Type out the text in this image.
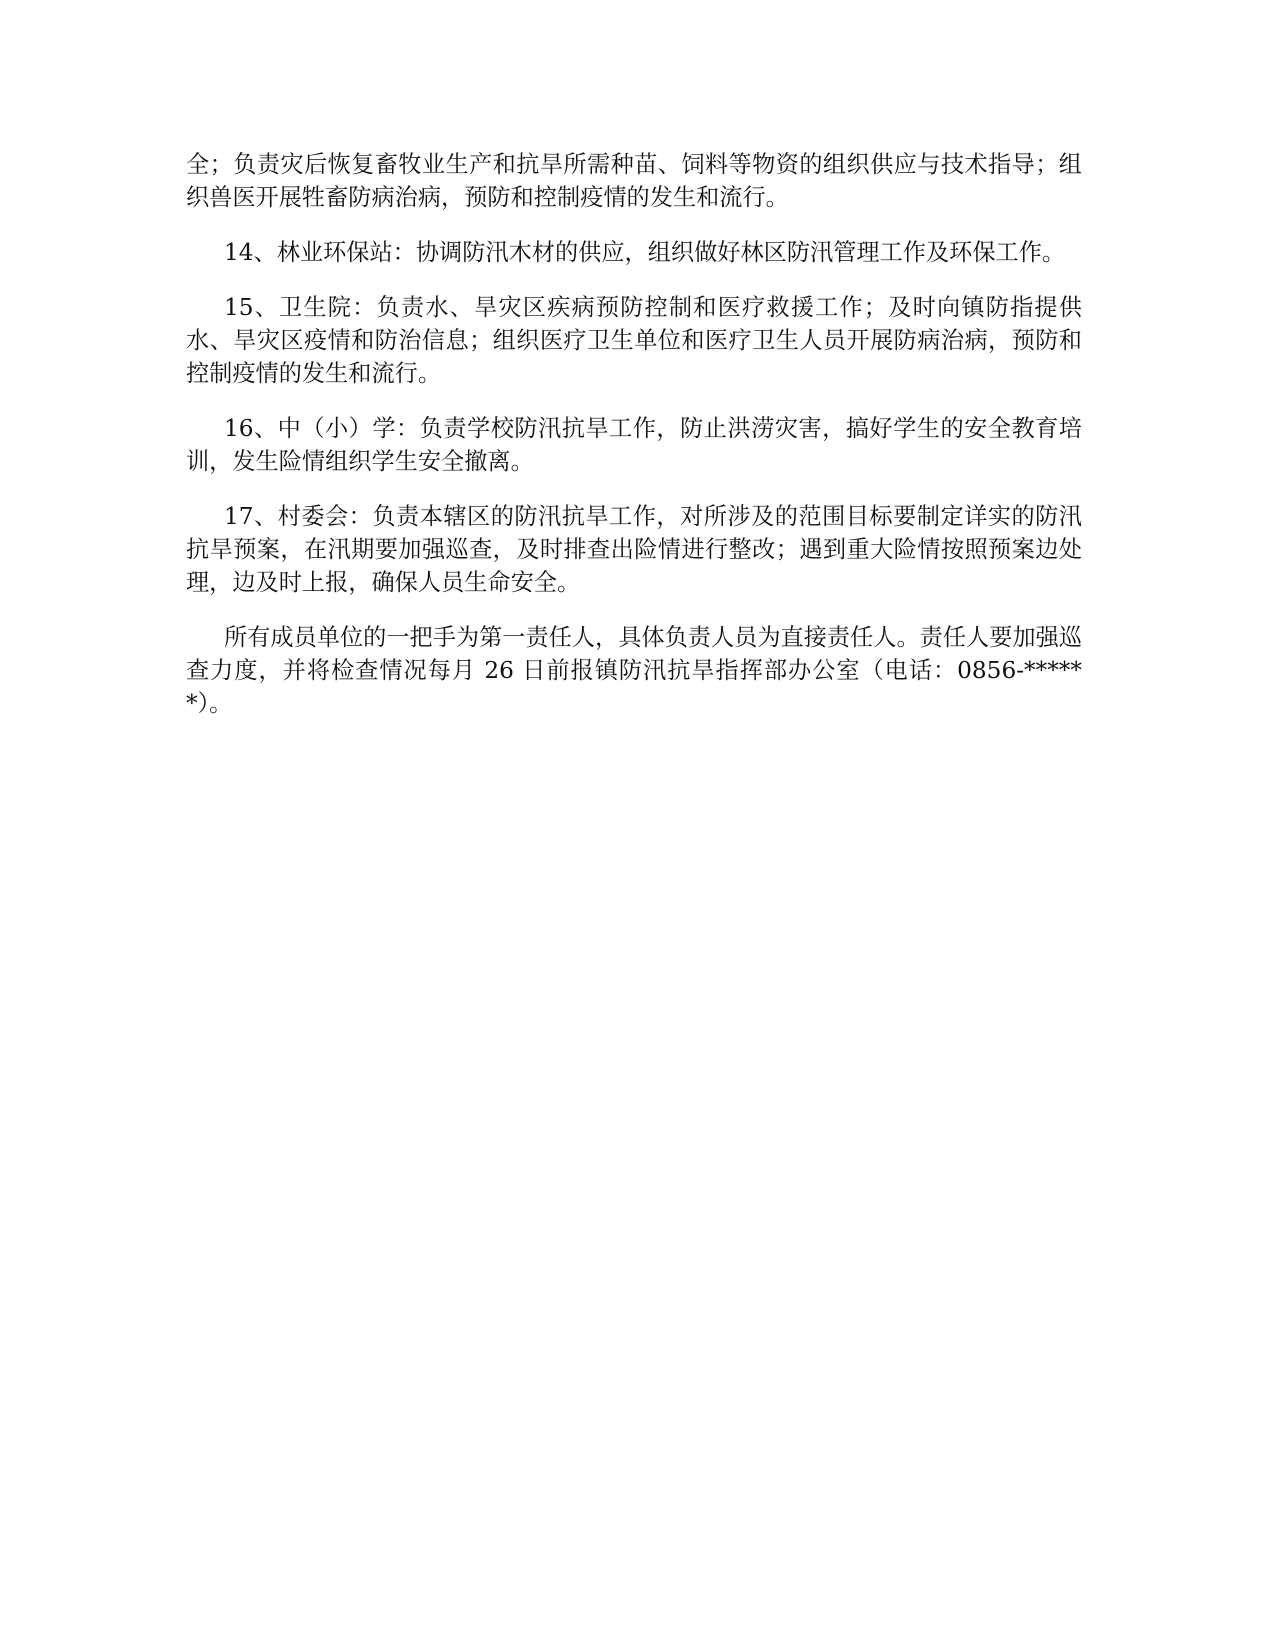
全；负责灾后恢复畜牧业生产和抗旱所需种苗、饲料等物资的组织供应与技术指导；组织兽医开展牲畜防病治病，预防和控制疫情的发生和流行。

14、林业环保站：协调防汛木材的供应，组织做好林区防汛管理工作及环保工作。

15、卫生院：负责水、旱灾区疾病预防控制和医疗救援工作；及时向镇防指提供水、旱灾区疫情和防治信息；组织医疗卫生单位和医疗卫生人员开展防病治病，预防和控制疫情的发生和流行。

16、中（小）学：负责学校防汛抗旱工作，防止洪涝灾害，搞好学生的安全教育培训，发生险情组织学生安全撤离。

17、村委会：负责本辖区的防汛抗旱工作，对所涉及的范围目标要制定详实的防汛抗旱预案，在汛期要加强巡查，及时排查出险情进行整改；遇到重大险情按照预案边处理，边及时上报，确保人员生命安全。

所有成员单位的一把手为第一责任人，具体负责人员为直接责任人。责任人要加强巡查力度，并将检查情况每月 26 日前报镇防汛抗旱指挥部办公室（电话：0856-******）。
